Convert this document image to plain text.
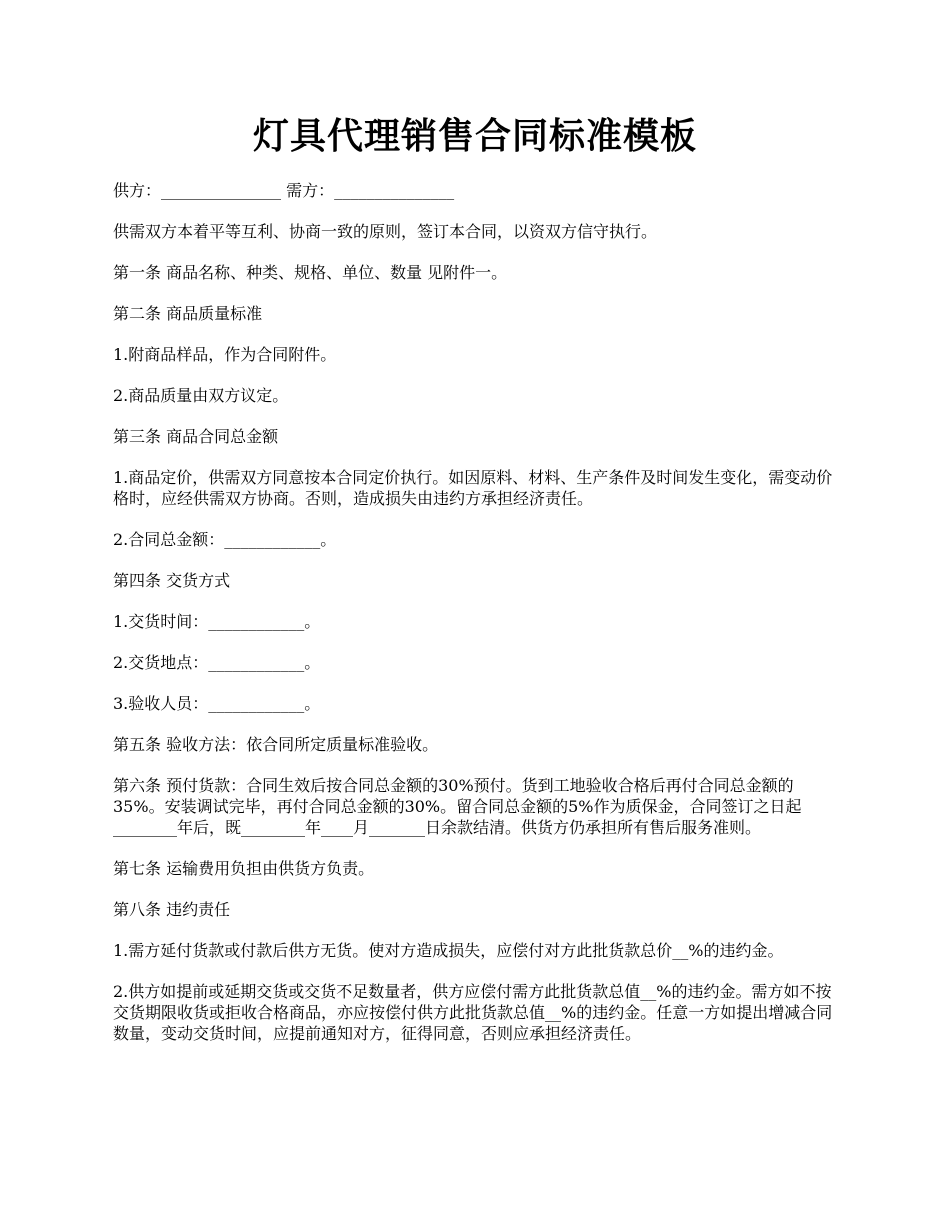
灯具代理销售合同标准模板

供方：_______________ 需方：_______________

供需双方本着平等互利、协商一致的原则，签订本合同，以资双方信守执行。

第一条 商品名称、种类、规格、单位、数量 见附件一。

第二条 商品质量标准

1.附商品样品，作为合同附件。

2.商品质量由双方议定。

第三条 商品合同总金额

1.商品定价，供需双方同意按本合同定价执行。如因原料、材料、生产条件及时间发生变化，需变动价格时，应经供需双方协商。否则，造成损失由违约方承担经济责任。

2.合同总金额：____________。

第四条 交货方式

1.交货时间：____________。

2.交货地点：____________。

3.验收人员：____________。

第五条 验收方法：依合同所定质量标准验收。

第六条 预付货款：合同生效后按合同总金额的30%预付。货到工地验收合格后再付合同总金额的35%。安装调试完毕，再付合同总金额的30%。留合同总金额的5%作为质保金，合同签订之日起________年后，既________年____月_______日余款结清。供货方仍承担所有售后服务准则。

第七条 运输费用负担由供货方负责。

第八条 违约责任

1.需方延付货款或付款后供方无货。使对方造成损失，应偿付对方此批货款总价__%的违约金。

2.供方如提前或延期交货或交货不足数量者，供方应偿付需方此批货款总值__%的违约金。需方如不按交货期限收货或拒收合格商品，亦应按偿付供方此批货款总值__%的违约金。任意一方如提出增减合同数量，变动交货时间，应提前通知对方，征得同意，否则应承担经济责任。
